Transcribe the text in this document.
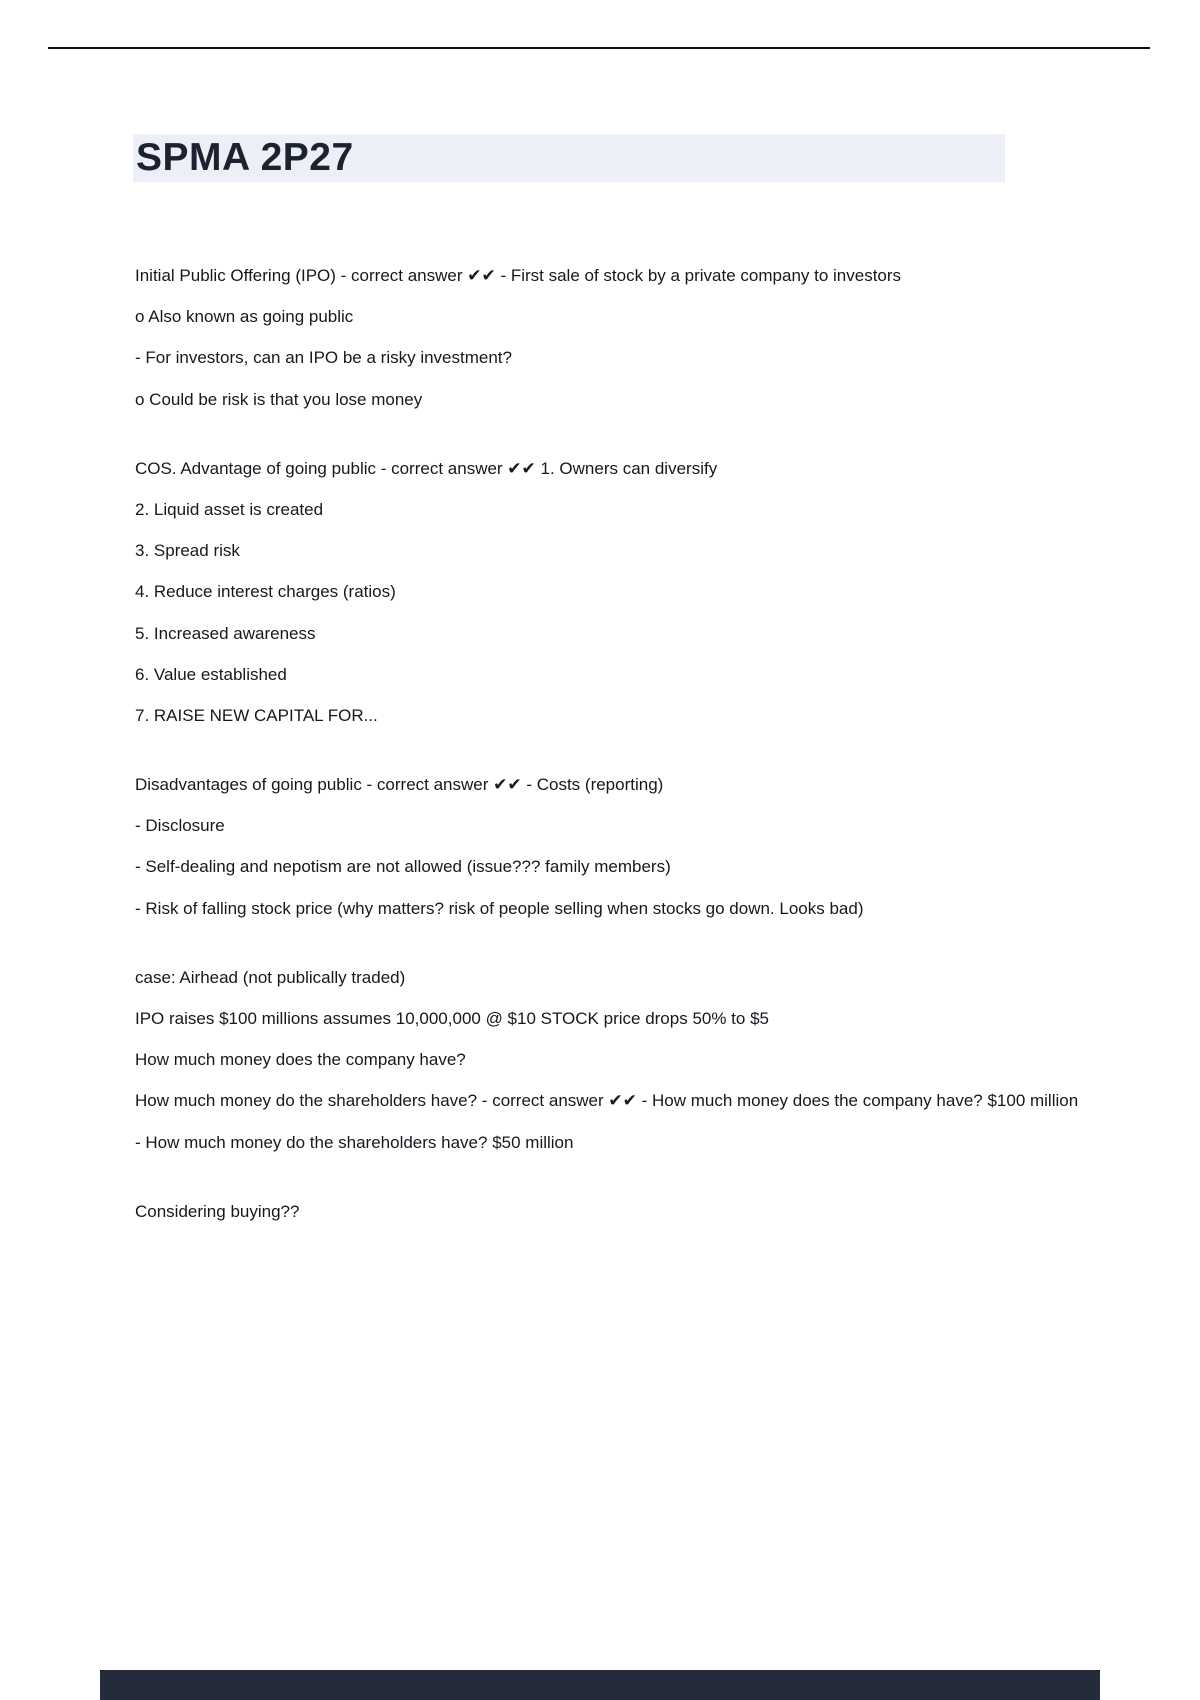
SPMA 2P27

Initial Public Offering (IPO) - correct answer ✔✔ - First sale of stock by a private company to investors

o Also known as going public

- For investors, can an IPO be a risky investment?

o Could be risk is that you lose money

COS. Advantage of going public - correct answer ✔✔ 1. Owners can diversify

2. Liquid asset is created

3. Spread risk

4. Reduce interest charges (ratios)

5. Increased awareness

6. Value established

7. RAISE NEW CAPITAL FOR...

Disadvantages of going public - correct answer ✔✔ - Costs (reporting)

- Disclosure

- Self-dealing and nepotism are not allowed (issue??? family members)

- Risk of falling stock price (why matters? risk of people selling when stocks go down. Looks bad)

case: Airhead (not publically traded)

IPO raises $100 millions assumes 10,000,000 @ $10 STOCK price drops 50% to $5

How much money does the company have?

How much money do the shareholders have? - correct answer ✔✔ - How much money does the company have? $100 million

- How much money do the shareholders have? $50 million

Considering buying??
